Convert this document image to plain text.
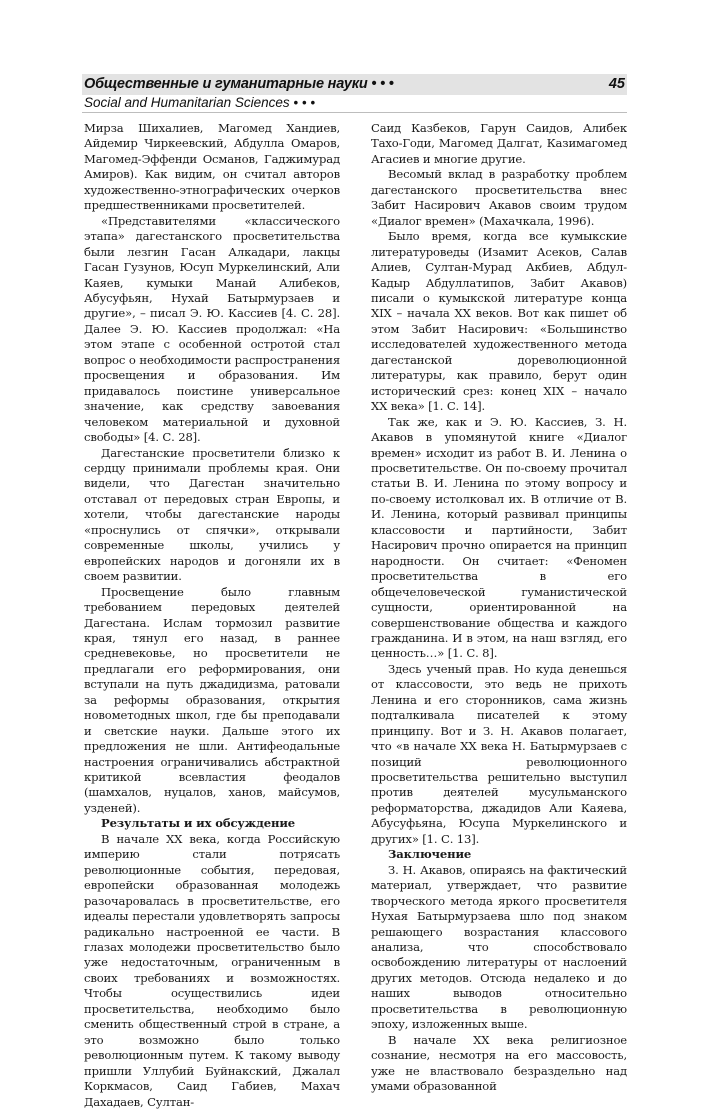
Общественные и гуманитарные науки • • •
Social and Humanitarian Sciences • • •
45

Мирза Шихалиев, Магомед Хандиев, Айдемир Чиркеевский, Абдулла Омаров, Магомед-Эффенди Османов, Гаджимурад Амиров). Как видим, он считал авторов художественно-этнографических очерков предшественниками просветителей.

«Представителями «классического этапа» дагестанского просветительства были лезгин Гасан Алкадари, лакцы Гасан Гузунов, Юсуп Муркелинский, Али Каяев, кумыки Манай Алибеков, Абусуфьян, Нухай Батырмурзаев и другие», – писал Э. Ю. Кассиев [4. С. 28]. Далее Э. Ю. Кассиев продолжал: «На этом этапе с особенной остротой стал вопрос о необходимости распространения просвещения и образования. Им придавалось поистине универсальное значение, как средству завоевания человеком материальной и духовной свободы» [4. С. 28].

Дагестанские просветители близко к сердцу принимали проблемы края. Они видели, что Дагестан значительно отставал от передовых стран Европы, и хотели, чтобы дагестанские народы «проснулись от спячки», открывали современные школы, учились у европейских народов и догоняли их в своем развитии.

Просвещение было главным требованием передовых деятелей Дагестана. Ислам тормозил развитие края, тянул его назад, в раннее средневековье, но просветители не предлагали его реформирования, они вступали на путь джадидизма, ратовали за реформы образования, открытия новометодных школ, где бы преподавали и светские науки. Дальше этого их предложения не шли. Антифеодальные настроения ограничивались абстрактной критикой всевластия феодалов (шамхалов, нуцалов, ханов, майсумов, узденей).

Результаты и их обсуждение

В начале XX века, когда Российскую империю стали потрясать революционные события, передовая, европейски образованная молодежь разочаровалась в просветительстве, его идеалы перестали удовлетворять запросы радикально настроенной ее части. В глазах молодежи просветительство было уже недостаточным, ограниченным в своих требованиях и возможностях. Чтобы осуществились идеи просветительства, необходимо было сменить общественный строй в стране, а это возможно было только революционным путем. К такому выводу пришли Уллубий Буйнакский, Джалал Коркмасов, Саид Габиев, Махач Дахадаев, Султан-

Саид Казбеков, Гарун Саидов, Алибек Тахо-Годи, Магомед Далгат, Казимагомед Агасиев и многие другие.

Весомый вклад в разработку проблем дагестанского просветительства внес Забит Насирович Акавов своим трудом «Диалог времен» (Махачкала, 1996).

Было время, когда все кумыкские литературоведы (Изамит Асеков, Салав Алиев, Султан-Мурад Акбиев, Абдул-Кадыр Абдуллатипов, Забит Акавов) писали о кумыкской литературе конца XIX – начала XX веков. Вот как пишет об этом Забит Насирович: «Большинство исследователей художественного метода дагестанской дореволюционной литературы, как правило, берут один исторический срез: конец XIX – начало XX века» [1. С. 14].

Так же, как и Э. Ю. Кассиев, З. Н. Акавов в упомянутой книге «Диалог времен» исходит из работ В. И. Ленина о просветительстве. Он по-своему прочитал статьи В. И. Ленина по этому вопросу и по-своему истолковал их. В отличие от В. И. Ленина, который развивал принципы классовости и партийности, Забит Насирович прочно опирается на принцип народности. Он считает: «Феномен просветительства в его общечеловеческой гуманистической сущности, ориентированной на совершенствование общества и каждого гражданина. И в этом, на наш взгляд, его ценность…» [1. С. 8].

Здесь ученый прав. Но куда денешься от классовости, это ведь не прихоть Ленина и его сторонников, сама жизнь подталкивала писателей к этому принципу. Вот и З. Н. Акавов полагает, что «в начале XX века Н. Батырмурзаев с позиций революционного просветительства решительно выступил против деятелей мусульманского реформаторства, джадидов Али Каяева, Абусуфьяна, Юсупа Муркелинского и других» [1. С. 13].

Заключение

З. Н. Акавов, опираясь на фактический материал, утверждает, что развитие творческого метода яркого просветителя Нухая Батырмурзаева шло под знаком решающего возрастания классового анализа, что способствовало освобождению литературы от наслоений других методов. Отсюда недалеко и до наших выводов относительно просветительства в революционную эпоху, изложенных выше.

В начале XX века религиозное сознание, несмотря на его массовость, уже не властвовало безраздельно над умами образованной
